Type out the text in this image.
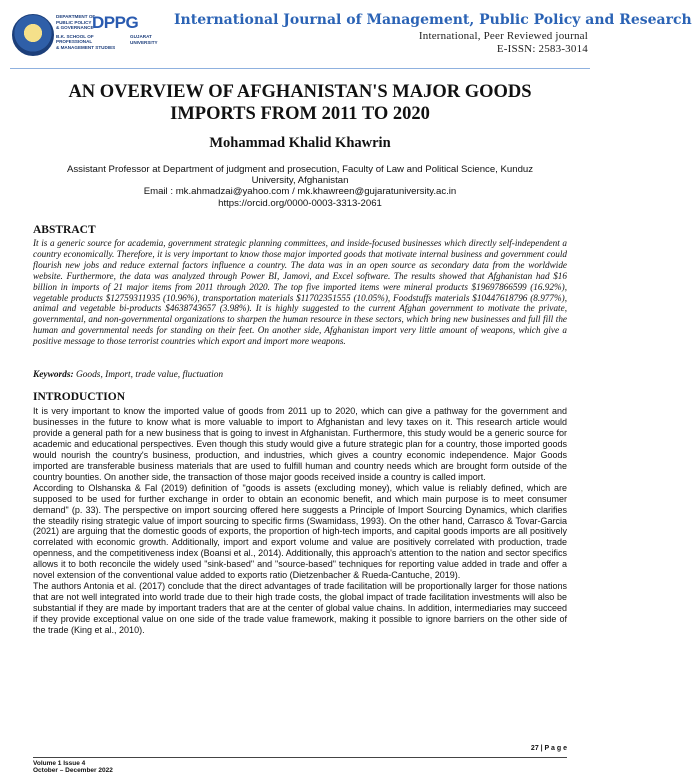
DEPARTMENT OF
PUBLIC POLICY
& GOVERNANCE
B.K. SCHOOL OF PROFESSIONAL
& MANAGEMENT STUDIES
DPPG
GUJARAT
UNIVERSITY
International Journal of Management, Public Policy and Research
International, Peer Reviewed journal
E-ISSN: 2583-3014
AN OVERVIEW OF AFGHANISTAN'S MAJOR GOODS IMPORTS FROM 2011 TO 2020
Mohammad Khalid Khawrin
Assistant Professor at Department of judgment and prosecution, Faculty of Law and Political Science, Kunduz University, Afghanistan
Email : mk.ahmadzai@yahoo.com / mk.khawreen@gujaratuniversity.ac.in
https://orcid.org/0000-0003-3313-2061
ABSTRACT
It is a generic source for academia, government strategic planning committees, and inside-focused businesses which directly self-independent a country economically. Therefore, it is very important to know those major imported goods that motivate internal business and government could flourish new jobs and reduce external factors influence a country. The data was in an open source as secondary data from the worldwide website. Furthermore, the data was analyzed through Power BI, Jamovi, and Excel software. The results showed that Afghanistan had $16 billion in imports of 21 major items from 2011 through 2020. The top five imported items were mineral products $19697866599 (16.92%), vegetable products $12759311935 (10.96%), transportation materials $11702351555 (10.05%), Foodstuffs materials $10447618796 (8.977%), animal and vegetable bi-products $4638743657 (3.98%). It is highly suggested to the current Afghan government to motivate the private, governmental, and non-governmental organizations to sharpen the human resource in these sectors, which bring new businesses and full fill the human and governmental needs for standing on their feet. On another side, Afghanistan import very little amount of weapons, which give a positive message to those terrorist countries which export and import more weapons.
Keywords: Goods, Import, trade value, fluctuation
INTRODUCTION

It is very important to know the imported value of goods from 2011 up to 2020, which can give a pathway for the government and businesses in the future to know what is more valuable to import to Afghanistan and levy taxes on it. This research article would provide a general path for a new business that is going to invest in Afghanistan. Furthermore, this study would be a generic source for academic and educational perspectives. Even though this study would give a future strategic plan for a country, those imported goods would nourish the country's business, production, and industries, which gives a country economic independence. Major Goods imported are transferable business materials that are used to fulfill human and country needs which are brought form outside of the country bounties. On another side, the transaction of those major goods received inside a country is called import.

According to Olshanska & Fal (2019) definition of "goods is assets (excluding money), which value is reliably defined, which are supposed to be used for further exchange in order to obtain an economic benefit, and which main purpose is to meet consumer demand" (p. 33). The perspective on import sourcing offered here suggests a Principle of Import Sourcing Dynamics, which clarifies the steadily rising strategic value of import sourcing to specific firms (Swamidass, 1993). On the other hand, Carrasco & Tovar-Garcia (2021) are arguing that the domestic goods of exports, the proportion of high-tech imports, and capital goods imports are all positively correlated with economic growth. Additionally, import and export volume and value are positively correlated with production, trade openness, and the competitiveness index (Boansi et al., 2014). Additionally, this approach's attention to the nation and sector specifics allows it to both reconcile the widely used "sink-based" and "source-based" techniques for reporting value added in trade and offer a novel extension of the conventional value added to exports ratio (Dietzenbacher & Rueda-Cantuche, 2019).

The authors Antonia et al. (2017) conclude that the direct advantages of trade facilitation will be proportionally larger for those nations that are not well integrated into world trade due to their high trade costs, the global impact of trade facilitation investments will also be substantial if they are made by important traders that are at the center of global value chains. In addition, intermediaries may succeed if they provide exceptional value on one side of the trade value framework, making it possible to ignore barriers on the other side of the trade (King et al., 2010).

27 | P a g e
Volume 1 Issue 4
October – December 2022
